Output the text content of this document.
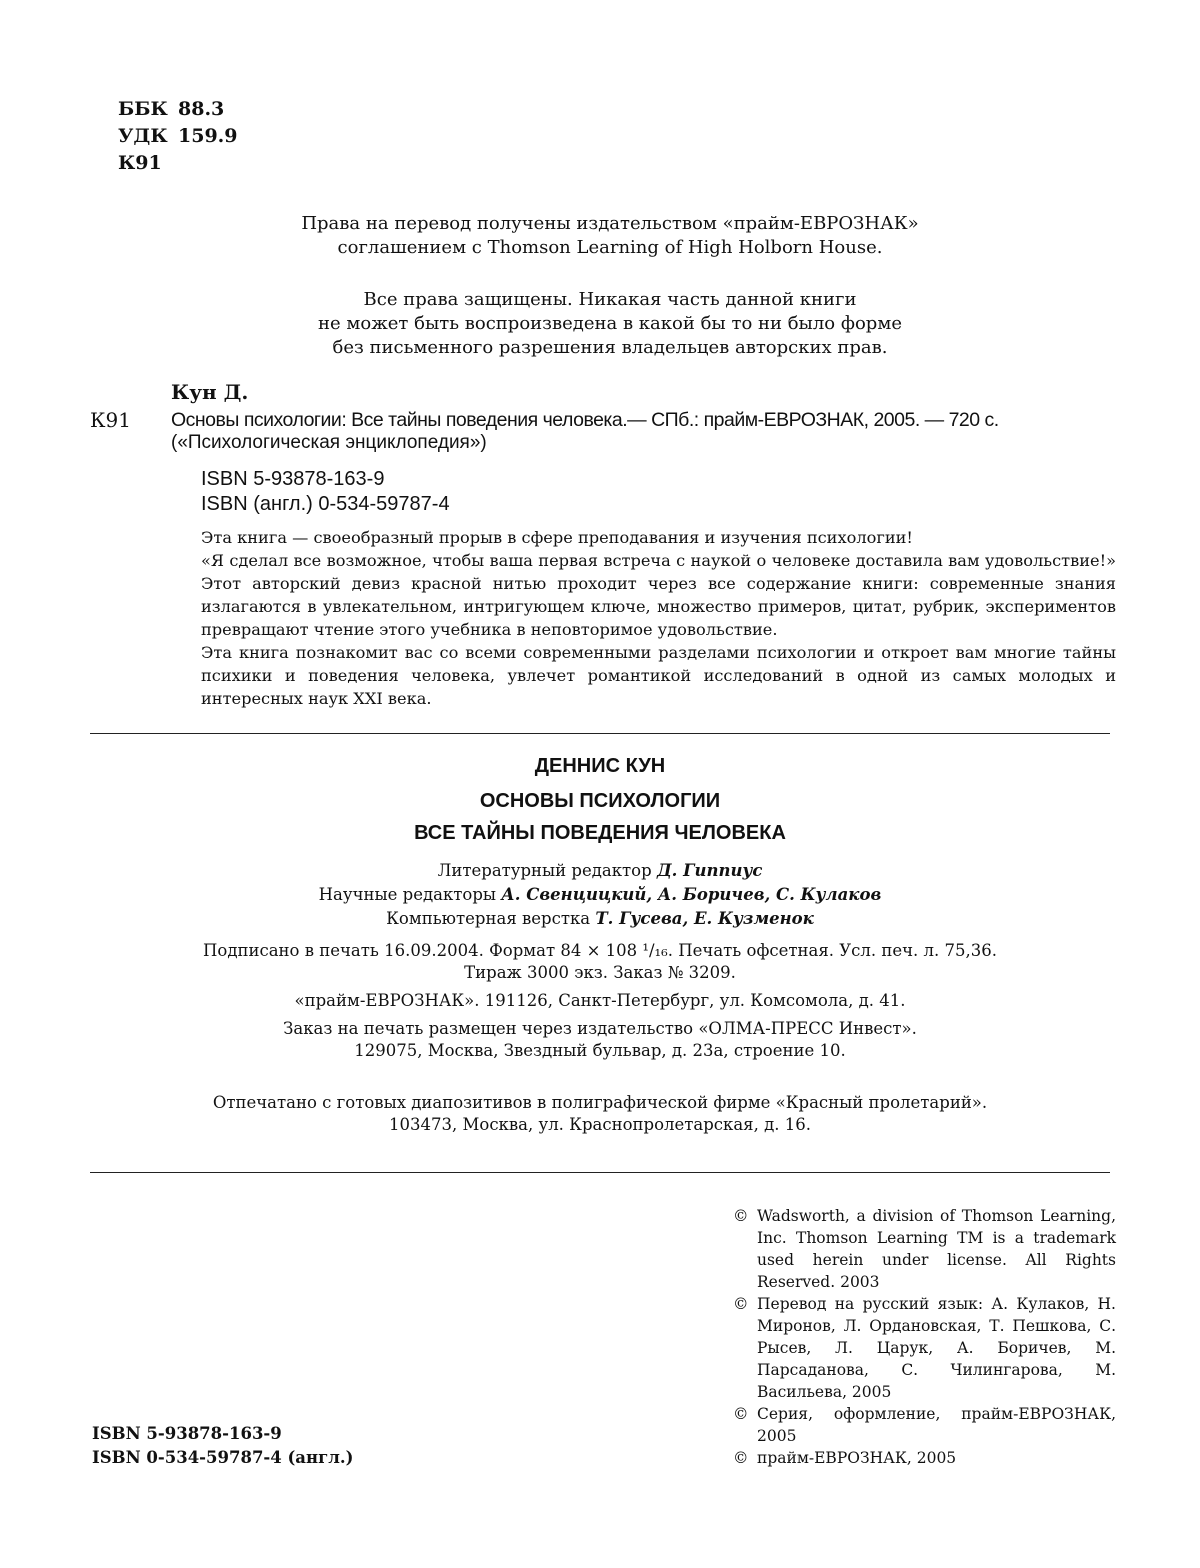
ББК 88.3
УДК 159.9
К91
Права на перевод получены издательством «прайм-ЕВРОЗНАК»
соглашением с Thomson Learning of High Holborn House.
Все права защищены. Никакая часть данной книги
не может быть воспроизведена в какой бы то ни было форме
без письменного разрешения владельцев авторских прав.
Кун Д.
К91 Основы психологии: Все тайны поведения человека.— СПб.: прайм-ЕВРОЗНАК, 2005. — 720 с.
(«Психологическая энциклопедия»)
ISBN 5-93878-163-9
ISBN (англ.) 0-534-59787-4

Эта книга — своеобразный прорыв в сфере преподавания и изучения психологии!

«Я сделал все возможное, чтобы ваша первая встреча с наукой о человеке доставила вам удовольствие!» Этот авторский девиз красной нитью проходит через все содержание книги: современные знания излагаются в увлекательном, интригующем ключе, множество примеров, цитат, рубрик, экспериментов превращают чтение этого учебника в неповторимое удовольствие.

Эта книга познакомит вас со всеми современными разделами психологии и откроет вам многие тайны психики и поведения человека, увлечет романтикой исследований в одной из самых молодых и интересных наук XXI века.

ДЕННИС КУН
ОСНОВЫ ПСИХОЛОГИИ
ВСЕ ТАЙНЫ ПОВЕДЕНИЯ ЧЕЛОВЕКА
Литературный редактор Д. Гиппиус
Научные редакторы А. Свенцицкий, А. Боричев, С. Кулаков
Компьютерная верстка Т. Гусева, Е. Кузменок
Подписано в печать 16.09.2004. Формат 84 × 108 ¹/₁₆. Печать офсетная. Усл. печ. л. 75,36.
Тираж 3000 экз. Заказ № 3209.
«прайм-ЕВРОЗНАК». 191126, Санкт-Петербург, ул. Комсомола, д. 41.
Заказ на печать размещен через издательство «ОЛМА-ПРЕСС Инвест».
129075, Москва, Звездный бульвар, д. 23а, строение 10.
Отпечатано с готовых диапозитивов в полиграфической фирме «Красный пролетарий».
103473, Москва, ул. Краснопролетарская, д. 16.
© Wadsworth, a division of Thomson Learning, Inc. Thomson Learning TM is a trademark used herein under license. All Rights Reserved. 2003
© Перевод на русский язык: А. Кулаков, Н. Миронов, Л. Ордановская, Т. Пешкова, С. Рысев, Л. Царук, А. Боричев, М. Парсаданова, С. Чилингарова, М. Васильева, 2005
© Серия, оформление, прайм-ЕВРОЗНАК, 2005
© прайм-ЕВРОЗНАК, 2005
ISBN 5-93878-163-9
ISBN 0-534-59787-4 (англ.)
